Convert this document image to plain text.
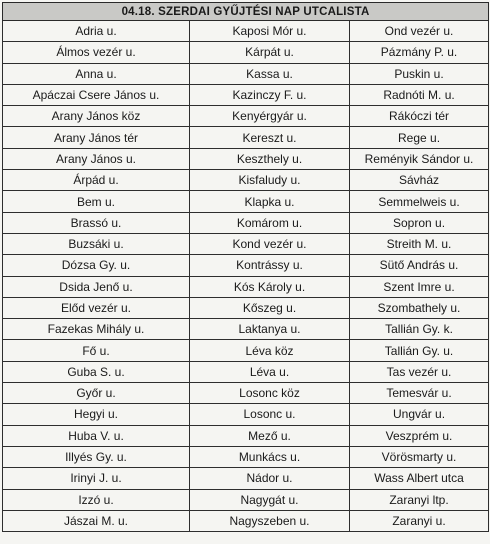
04.18. SZERDAI GYŰJTÉSI NAP UTCALISTA		
Adria u.	Kaposi Mór u.	Ond vezér u.
Álmos vezér u.	Kárpát u.	Pázmány P. u.
Anna u.	Kassa u.	Puskin u.
Apáczai Csere János u.	Kazinczy F. u.	Radnóti M. u.
Arany János köz	Kenyérgyár u.	Rákóczi tér
Arany János tér	Kereszt u.	Rege u.
Arany János u.	Keszthely u.	Reményik Sándor u.
Árpád u.	Kisfaludy u.	Sávház
Bem u.	Klapka u.	Semmelweis u.
Brassó u.	Komárom u.	Sopron u.
Buzsáki u.	Kond vezér u.	Streith M. u.
Dózsa Gy. u.	Kontrássy u.	Sütő András u.
Dsida Jenő u.	Kós Károly u.	Szent Imre u.
Előd vezér u.	Kőszeg u.	Szombathely u.
Fazekas Mihály u.	Laktanya u.	Tallián Gy. k.
Fő u.	Léva köz	Tallián Gy. u.
Guba S. u.	Léva u.	Tas vezér u.
Győr u.	Losonc köz	Temesvár u.
Hegyi u.	Losonc u.	Ungvár u.
Huba V. u.	Mező u.	Veszprém u.
Illyés Gy. u.	Munkács u.	Vörösmarty u.
Irinyi J. u.	Nádor u.	Wass Albert utca
Izzó u.	Nagygát u.	Zaranyi ltp.
Jászai M. u.	Nagyszeben u.	Zaranyi u.
